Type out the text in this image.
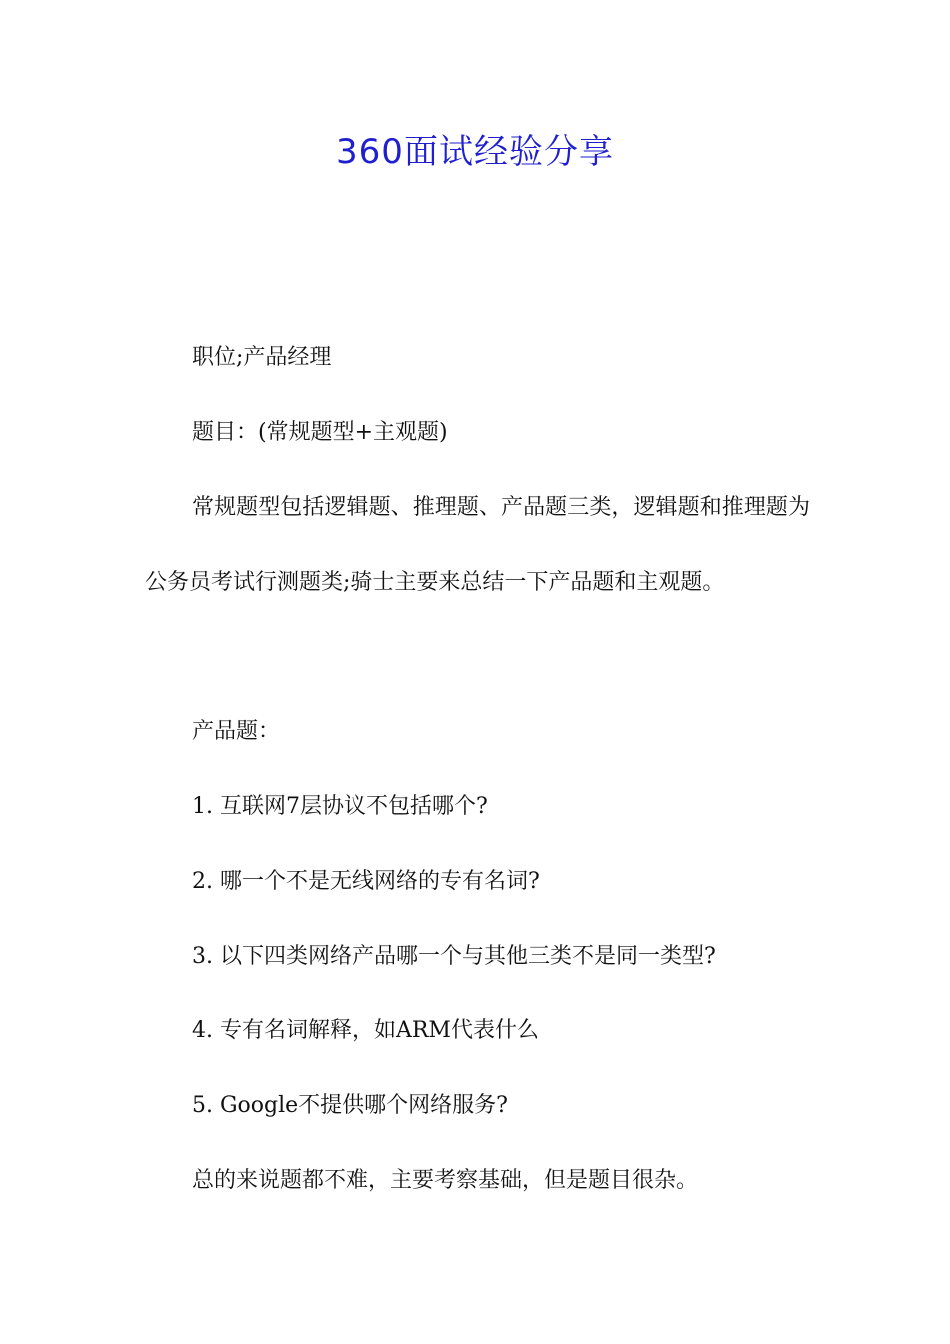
360面试经验分享

职位;产品经理

题目：(常规题型+主观题)

常规题型包括逻辑题、推理题、产品题三类，逻辑题和推理题为公务员考试行测题类;骑士主要来总结一下产品题和主观题。

产品题：

1. 互联网7层协议不包括哪个?

2. 哪一个不是无线网络的专有名词?

3. 以下四类网络产品哪一个与其他三类不是同一类型?

4. 专有名词解释，如ARM代表什么

5. Google不提供哪个网络服务?

总的来说题都不难，主要考察基础，但是题目很杂。
